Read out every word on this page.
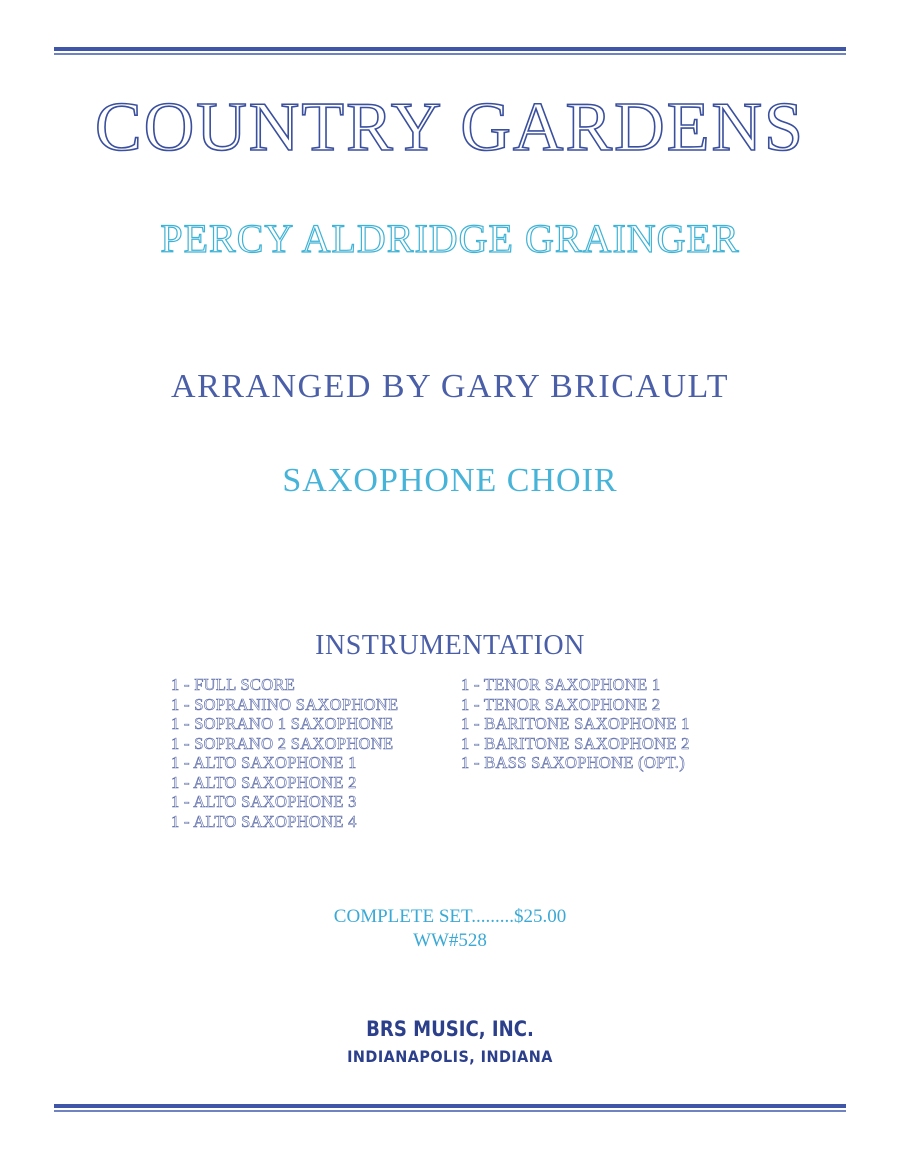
COUNTRY GARDENS
PERCY ALDRIDGE GRAINGER
ARRANGED BY GARY BRICAULT
SAXOPHONE CHOIR
INSTRUMENTATION
1 - FULL SCORE
1 - SOPRANINO SAXOPHONE
1 - SOPRANO 1 SAXOPHONE
1 - SOPRANO 2 SAXOPHONE
1 - ALTO SAXOPHONE 1
1 - ALTO SAXOPHONE 2
1 - ALTO SAXOPHONE 3
1 - ALTO SAXOPHONE 4
1 - TENOR SAXOPHONE 1
1 - TENOR SAXOPHONE 2
1 - BARITONE SAXOPHONE 1
1 - BARITONE SAXOPHONE 2
1 - BASS SAXOPHONE (OPT.)
COMPLETE SET.........$25.00
WW#528
BRS MUSIC, INC.
INDIANAPOLIS, INDIANA
